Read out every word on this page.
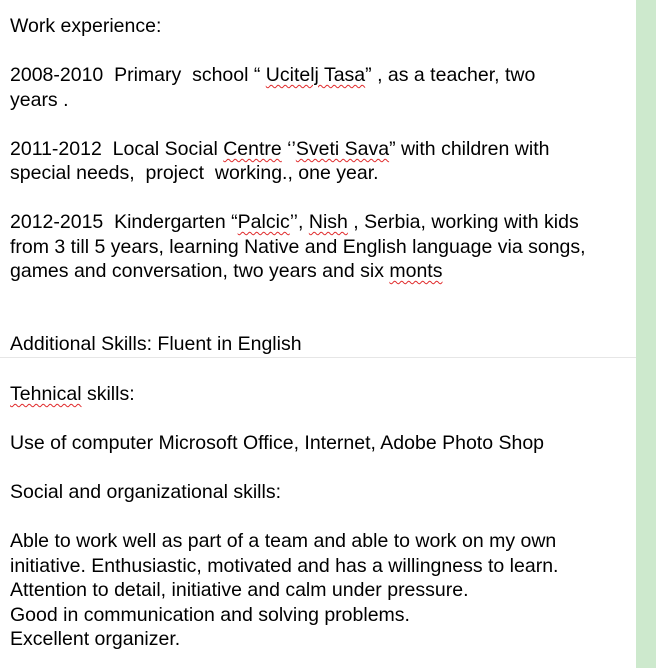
Work experience:

2008-2010  Primary  school “ Ucitelj Tasa” , as a teacher, two

years .

2011-2012  Local Social Centre ‘’Sveti Sava” with children with

special needs,  project  working., one year.

2012-2015  Kindergarten “Palcic’’, Nish , Serbia, working with kids

from 3 till 5 years, learning Native and English language via songs,

games and conversation, two years and six monts

Additional Skills: Fluent in English

Tehnical skills:

Use of computer Microsoft Office, Internet, Adobe Photo Shop

Social and organizational skills:

Able to work well as part of a team and able to work on my own

initiative. Enthusiastic, motivated and has a willingness to learn.

Attention to detail, initiative and calm under pressure.

Good in communication and solving problems.

Excellent organizer.
